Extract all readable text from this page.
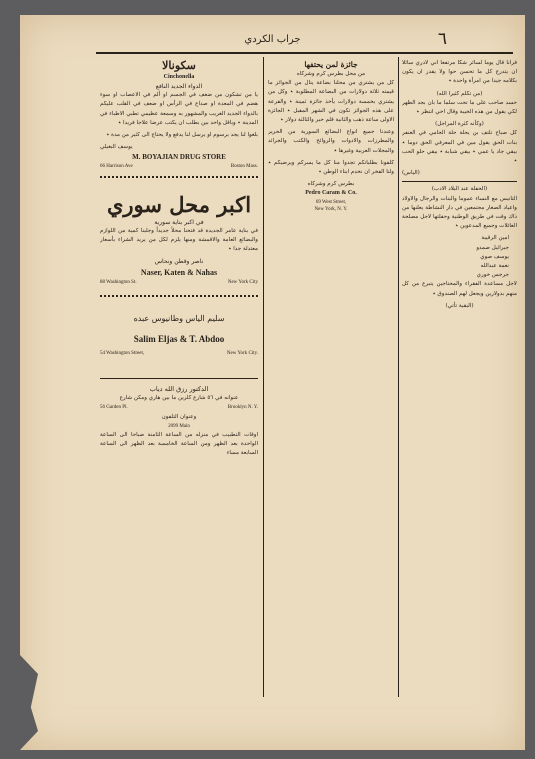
٦
جراب الكردي
سكونالا
Cinchonella
الدواء الجديد النافع

يا من تشكون من ضعف في الجسم او ألم في الاعصاب او سوء هضم في المعدة او صداع في الرأس او ضعف في القلب عليكم بالدواء الجديد الغريب والمشهور به وسمعة عظيمي تطبي الاطباء في المدينة ٭ وباقل واحد بين بطلب ان يكتب عرضا علاجا فريدا ٭

بلغوا لنا يجد برسوم او يرسل لنا يدفع ولا يحتاج الى كثير من مدة ٭

يوسف البغيلي
M. BOYAJIAN DRUG STORE
66 Harrison Ave	Boston Mass.
اكبر محل سوري
في اكبر بناية سورية

في بناية عامر الجديدة قد فتحنا محلاً جديداً وجلبنا كمية من اللوازم والبضائع العامة والاقمشة ومنها يلزم لكل من يريد الشراء بأسعار معتدلة جدا ٭

ناصر وقطن ونحاس
Naser, Katen & Nahas
88 Washington St.	New York City
سليم الياس وطانيوس عبده
Salim Eljas & T. Abdoo
54 Washington Street,	New York City.
الدكتور رزق الله دياب
عنوانه في ٥٦ شارع كلرين ما بين هاري ومكن شارع
56 Garden Pl.	Brooklyn N. Y.
وعنوان التلفون
2099 Main

اوقات التطبيب في منزله من الساعة الثامنة صباحا الى الساعة الواحدة بعد الظهر ومن الساعة الخامسة بعد الظهر الى الساعة السابعة مساء

جائزة لمن يحتفها
من محل بطرس كرم وشركاه

كل من يشتري من محلنا بضاعة ينال من الجوائز ما قيمته ثلاثة دولارات من البضاعة المطلوبة ٭ وكل من يشتري بخمسة دولارات يأخذ جائزة ثمينة ٭ والقرعة على هذه الجوائز تكون في الشهر المقبل ٭ الجائزة الاولى ساعة ذهب والثانية قلم حبر والثالثة دولار ٭

وعندنا جميع انواع البضائع السورية من الحرير والمطرزات والادوات والروائح والكتب والجرائد والمجلات العربية وغيرها ٭

كلفونا بطلباتكم تجدوا منا كل ما يسركم ويرضيكم ٭ ولنا الفخر ان نخدم ابناء الوطن ٭

بطرس كرم وشركاه
Pedro Caram & Co.
69 West Street,
New York, N. Y.

قرانا قال يوما لسائر شكا مرتفعا اني لادري سائلا ان يتدرج كل ما تحسن حوا ولا يقدر ان يكون بكلامه جيدا من امرأة واحدة ٭

(من تكلم كثيرا الله)

حسد صاحب على ما تحت سلما ما بان بجد الظهر لكي يقول من هذه الخيبة وقال اخي انتظر ٭

(وكأنه كثرة المراجل)

كل صباح تلتف بن يحلة حلة الحامي في العنفر بنات الحق يقول مين في المعرفي الحق دوما ٭ بيقي جاد يا عمي ٭ بيقي شبابة ٭ بيقي حلو الحب ٭

(الياس)
(الحفلة عند البلاد الادب)

التانيس مع النساء عموما والبنات والرجال والاولاد واعياد الصغار مجتمعين في دار النشاطة يعلنها من ذاك وقت في طريق الوطنية وحفلتها لاجل مصلحة العائلات وجميع المدعوين ٭

امين الرقيبة
جبرائيل صمدو
يوسف صوي
نعمة عبدالله
جرجس خوري

لاجل مساعدة الفقراء والمحتاجين يتبرع من كل منهم بدولارين ويجعل لهم الصندوق ٭

(البقية تأتي)
